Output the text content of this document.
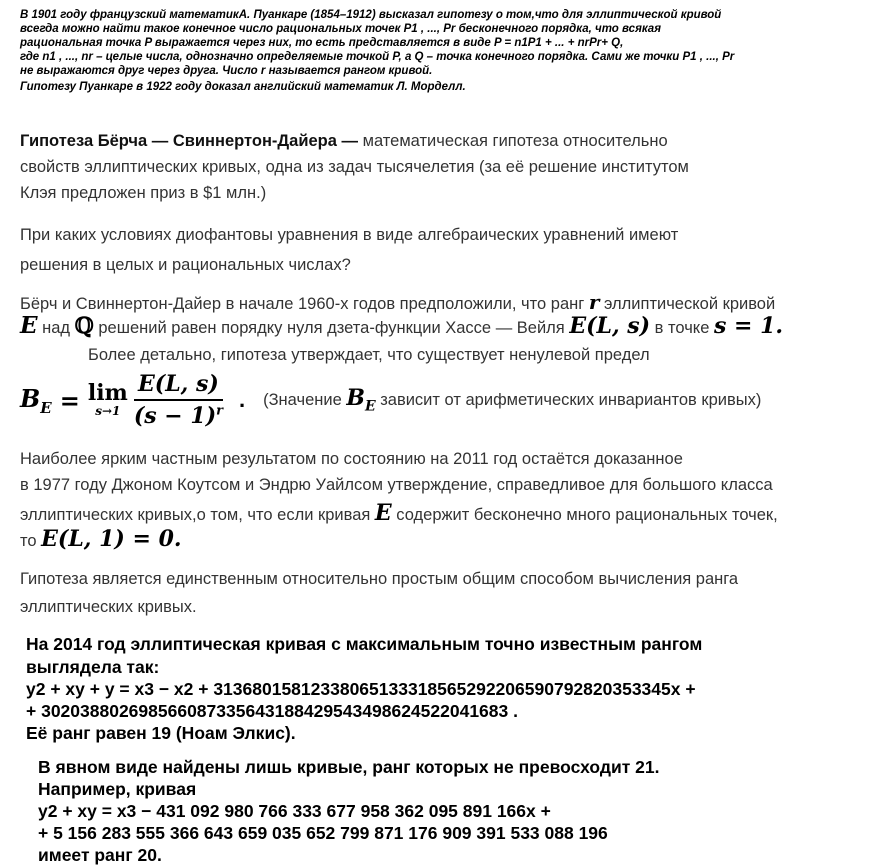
В 1901 году французский математикА. Пуанкаре (1854–1912) высказал гипотезу о том,что для эллиптической кривой
всегда можно найти такое конечное число рациональных точек P1 , ..., Pr бесконечного порядка, что всякая
рациональная точка P выражается через них, то есть представляется в виде P = n1P1 + ... + nrPr+ Q,
где n1 , ..., nr – целые числа, однозначно определяемые точкой P, а Q – точка конечного порядка. Сами же точки P1 , ..., Pr
не выражаются друг через друга. Число r называется рангом кривой.
Гипотезу Пуанкаре в 1922 году доказал английский математик Л. Морделл.
Гипотеза Бёрча — Свиннертон-Дайера — математическая гипотеза относительно
свойств эллиптических кривых, одна из задач тысячелетия (за её решение институтом
Клэя предложен приз в $1 млн.)
При каких условиях диофантовы уравнения в виде алгебраических уравнений имеют
решения в целых и рациональных числах?
Бёрч и Свиннертон-Дайер в начале 1960-х годов предположили, что ранг r эллиптической кривой
E над ℚ решений равен порядку нуля дзета-функции Хассе — Вейля E(L, s) в точке s = 1.
Более детально, гипотеза утверждает, что существует ненулевой предел
$B_E = \lim$
$s\to 1 \frac{E(L, s)}{(s - 1)^r}$ . (Значение $B_E$ зависит от арифметических инвариантов кривых)
Наиболее ярким частным результатом по состоянию на 2011 год остаётся доказанное
в 1977 году Джоном Коутсом и Эндрю Уайлсом утверждение, справедливое для большого класса
эллиптических кривых,о том, что если кривая E содержит бесконечно много рациональных точек,
то E(L, 1) = 0.
Гипотеза является единственным относительно простым общим способом вычисления ранга
эллиптических кривых.
На 2014 год эллиптическая кривая с максимальным точно известным рангом
выглядела так:
y2 + xy + y = x3 − x2 + 31368015812338065133318565292206590792820353345x +
+ 302038802698566087335643188429543498624522041683 .
Её ранг равен 19 (Ноам Элкис).
В явном виде найдены лишь кривые, ранг которых не превосходит 21.
Например, кривая
y2 + xy = x3 − 431 092 980 766 333 677 958 362 095 891 166x +
+ 5 156 283 555 366 643 659 035 652 799 871 176 909 391 533 088 196
имеет ранг 20.
